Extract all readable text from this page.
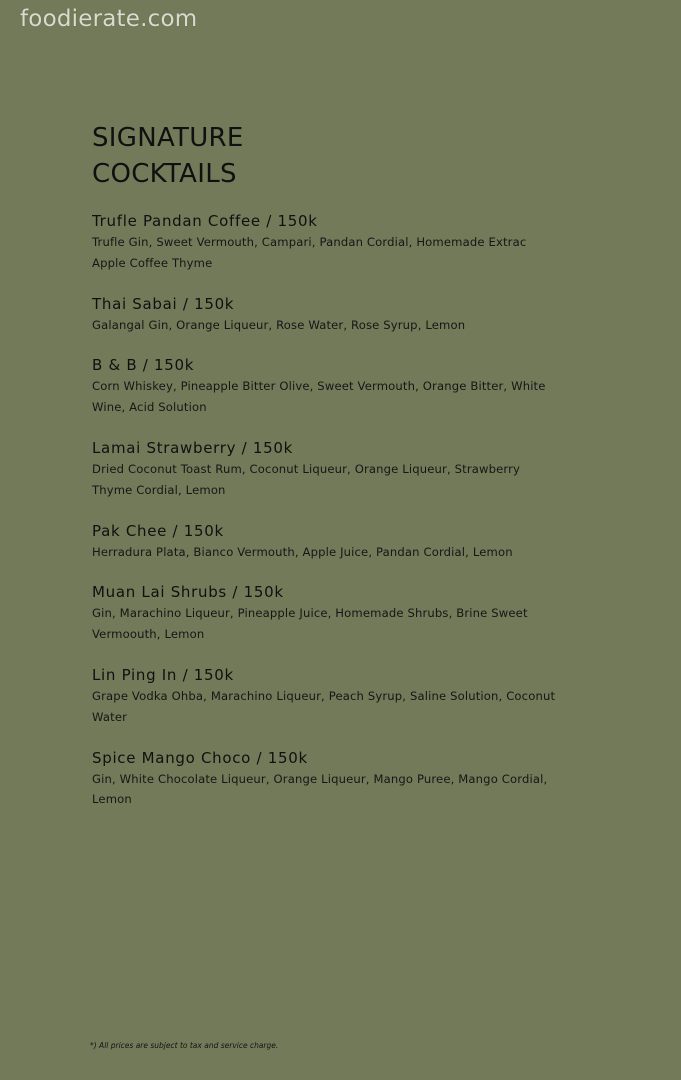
foodierate.com
SIGNATURE COCKTAILS
Trufle Pandan Coffee / 150k
Trufle Gin, Sweet Vermouth, Campari, Pandan Cordial, Homemade Extrac Apple Coffee Thyme
Thai Sabai / 150k
Galangal Gin, Orange Liqueur, Rose Water, Rose Syrup, Lemon
B & B / 150k
Corn Whiskey, Pineapple Bitter Olive, Sweet Vermouth, Orange Bitter, White Wine, Acid Solution
Lamai Strawberry / 150k
Dried Coconut Toast Rum, Coconut Liqueur, Orange Liqueur, Strawberry Thyme Cordial, Lemon
Pak Chee / 150k
Herradura Plata, Bianco Vermouth, Apple Juice, Pandan Cordial, Lemon
Muan Lai Shrubs / 150k
Gin, Marachino Liqueur, Pineapple Juice, Homemade Shrubs, Brine Sweet Vermoouth, Lemon
Lin Ping In / 150k
Grape Vodka Ohba, Marachino Liqueur, Peach Syrup, Saline Solution, Coconut Water
Spice Mango Choco / 150k
Gin, White Chocolate Liqueur, Orange Liqueur, Mango Puree, Mango Cordial, Lemon
*) All prices are subject to tax and service charge.
